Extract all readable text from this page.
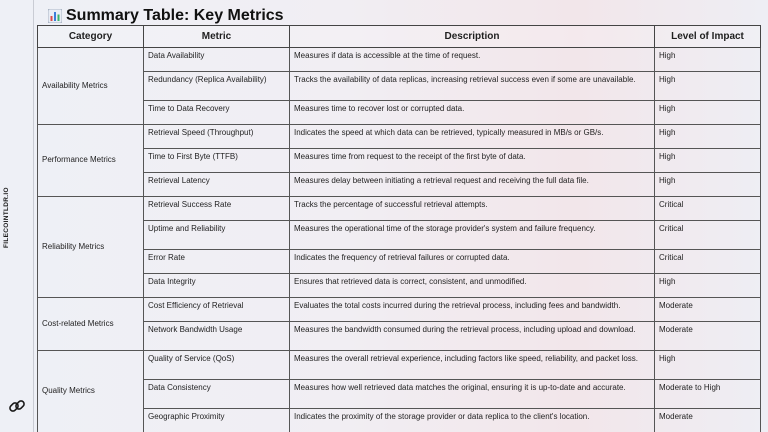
FILECOINTLDR.IO
Summary Table: Key Metrics
Category	Metric	Description	Level of Impact
Availability Metrics	Data Availability	Measures if data is accessible at the time of request.	High
	Redundancy (Replica Availability)	Tracks the availability of data replicas, increasing retrieval success even if some are unavailable.	High
	Time to Data Recovery	Measures time to recover lost or corrupted data.	High
Performance Metrics	Retrieval Speed (Throughput)	Indicates the speed at which data can be retrieved, typically measured in MB/s or GB/s.	High
	Time to First Byte (TTFB)	Measures time from request to the receipt of the first byte of data.	High
	Retrieval Latency	Measures delay between initiating a retrieval request and receiving the full data file.	High
Reliability Metrics	Retrieval Success Rate	Tracks the percentage of successful retrieval attempts.	Critical
	Uptime and Reliability	Measures the operational time of the storage provider's system and failure frequency.	Critical
	Error Rate	Indicates the frequency of retrieval failures or corrupted data.	Critical
	Data Integrity	Ensures that retrieved data is correct, consistent, and unmodified.	High
Cost-related Metrics	Cost Efficiency of Retrieval	Evaluates the total costs incurred during the retrieval process, including fees and bandwidth.	Moderate
	Network Bandwidth Usage	Measures the bandwidth consumed during the retrieval process, including upload and download.	Moderate
Quality Metrics	Quality of Service (QoS)	Measures the overall retrieval experience, including factors like speed, reliability, and packet loss.	High
	Data Consistency	Measures how well retrieved data matches the original, ensuring it is up-to-date and accurate.	Moderate to High
	Geographic Proximity	Indicates the proximity of the storage provider or data replica to the client's location.	Moderate
